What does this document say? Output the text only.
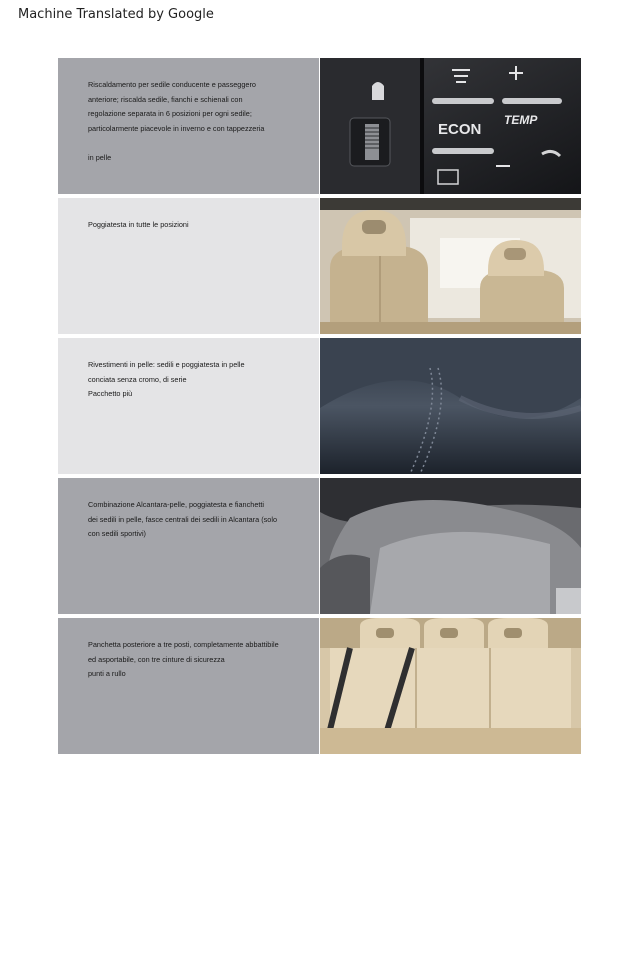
Machine Translated by Google

Riscaldamento per sedile conducente e passeggero

anteriore; riscalda sedile, fianchi e schienali con

regolazione separata in 6 posizioni per ogni sedile;

particolarmente piacevole in inverno e con tappezzeria

in pelle

ECON
TEMP

Poggiatesta in tutte le posizioni

Rivestimenti in pelle: sedili e poggiatesta in pelle

conciata senza cromo, di serie

Pacchetto più

Combinazione Alcantara-pelle, poggiatesta e fianchetti

dei sedili in pelle, fasce centrali dei sedili in Alcantara (solo

con sedili sportivi)

Panchetta posteriore a tre posti, completamente abbattibile

ed asportabile, con tre cinture di sicurezza

punti a rullo
